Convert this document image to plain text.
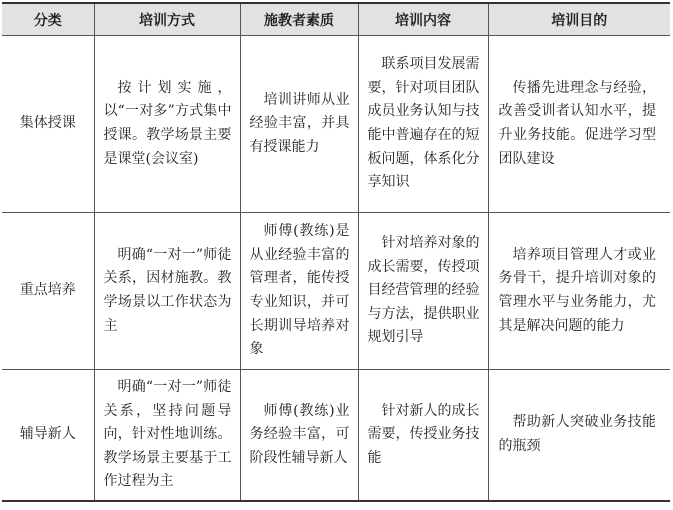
分类	培训方式	施教者素质	培训内容	培训目的
集体授课	按计划实施，以“一对多”方式集中授课。教学场景主要是课堂(会议室)	培训讲师从业经验丰富，并具有授课能力	联系项目发展需要，针对项目团队成员业务认知与技能中普遍存在的短板问题，体系化分享知识	传播先进理念与经验，改善受训者认知水平，提升业务技能。促进学习型团队建设
重点培养	明确“一对一”师徒关系，因材施教。教学场景以工作状态为主	师傅(教练)是从业经验丰富的管理者，能传授专业知识，并可长期训导培养对象	针对培养对象的成长需要，传授项目经营管理的经验与方法，提供职业规划引导	培养项目管理人才或业务骨干，提升培训对象的管理水平与业务能力，尤其是解决问题的能力
辅导新人	明确“一对一”师徒关系，坚持问题导向，针对性地训练。教学场景主要基于工作过程为主	师傅(教练)业务经验丰富，可阶段性辅导新人	针对新人的成长需要，传授业务技能	帮助新人突破业务技能的瓶颈
